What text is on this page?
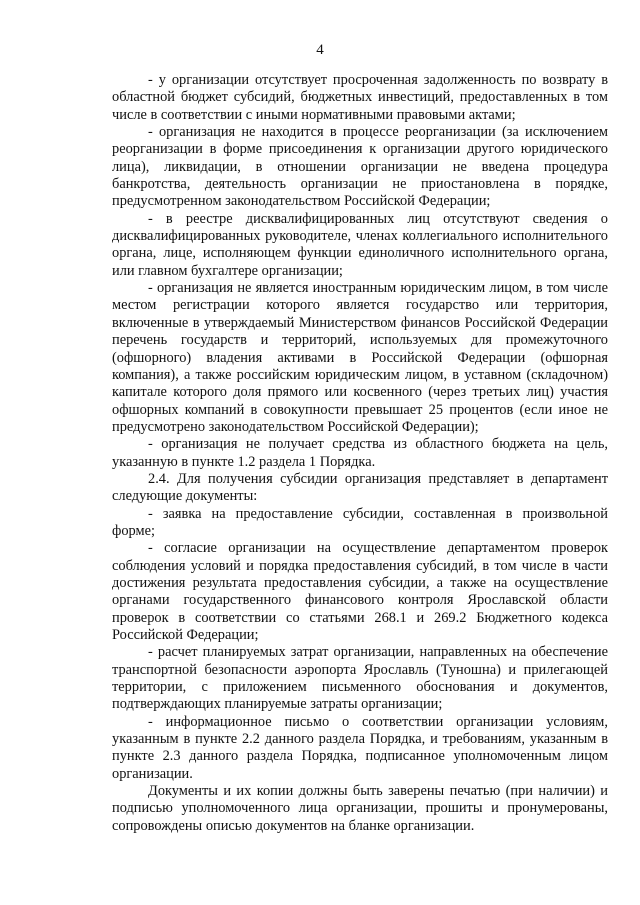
4

- у организации отсутствует просроченная задолженность по возврату в областной бюджет субсидий, бюджетных инвестиций, предоставленных в том числе в соответствии с иными нормативными правовыми актами;

- организация не находится в процессе реорганизации (за исключением реорганизации в форме присоединения к организации другого юридического лица), ликвидации, в отношении организации не введена процедура банкротства, деятельность организации не приостановлена в порядке, предусмотренном законодательством Российской Федерации;

- в реестре дисквалифицированных лиц отсутствуют сведения о дисквалифицированных руководителе, членах коллегиального исполнительного органа, лице, исполняющем функции единоличного исполнительного органа, или главном бухгалтере организации;

- организация не является иностранным юридическим лицом, в том числе местом регистрации которого является государство или территория, включенные в утверждаемый Министерством финансов Российской Федерации перечень государств и территорий, используемых для промежуточного (офшорного) владения активами в Российской Федерации (офшорная компания), а также российским юридическим лицом, в уставном (складочном) капитале которого доля прямого или косвенного (через третьих лиц) участия офшорных компаний в совокупности превышает 25 процентов (если иное не предусмотрено законодательством Российской Федерации);

- организация не получает средства из областного бюджета на цель, указанную в пункте 1.2 раздела 1 Порядка.

2.4. Для получения субсидии организация представляет в департамент следующие документы:

- заявка на предоставление субсидии, составленная в произвольной форме;

- согласие организации на осуществление департаментом проверок соблюдения условий и порядка предоставления субсидий, в том числе в части достижения результата предоставления субсидии, а также на осуществление органами государственного финансового контроля Ярославской области проверок в соответствии со статьями 268.1 и 269.2 Бюджетного кодекса Российской Федерации;

- расчет планируемых затрат организации, направленных на обеспечение транспортной безопасности аэропорта Ярославль (Туношна) и прилегающей территории, с приложением письменного обоснования и документов, подтверждающих планируемые затраты организации;

- информационное письмо о соответствии организации условиям, указанным в пункте 2.2 данного раздела Порядка, и требованиям, указанным в пункте 2.3 данного раздела Порядка, подписанное уполномоченным лицом организации.

Документы и их копии должны быть заверены печатью (при наличии) и подписью уполномоченного лица организации, прошиты и пронумерованы, сопровождены описью документов на бланке организации.
